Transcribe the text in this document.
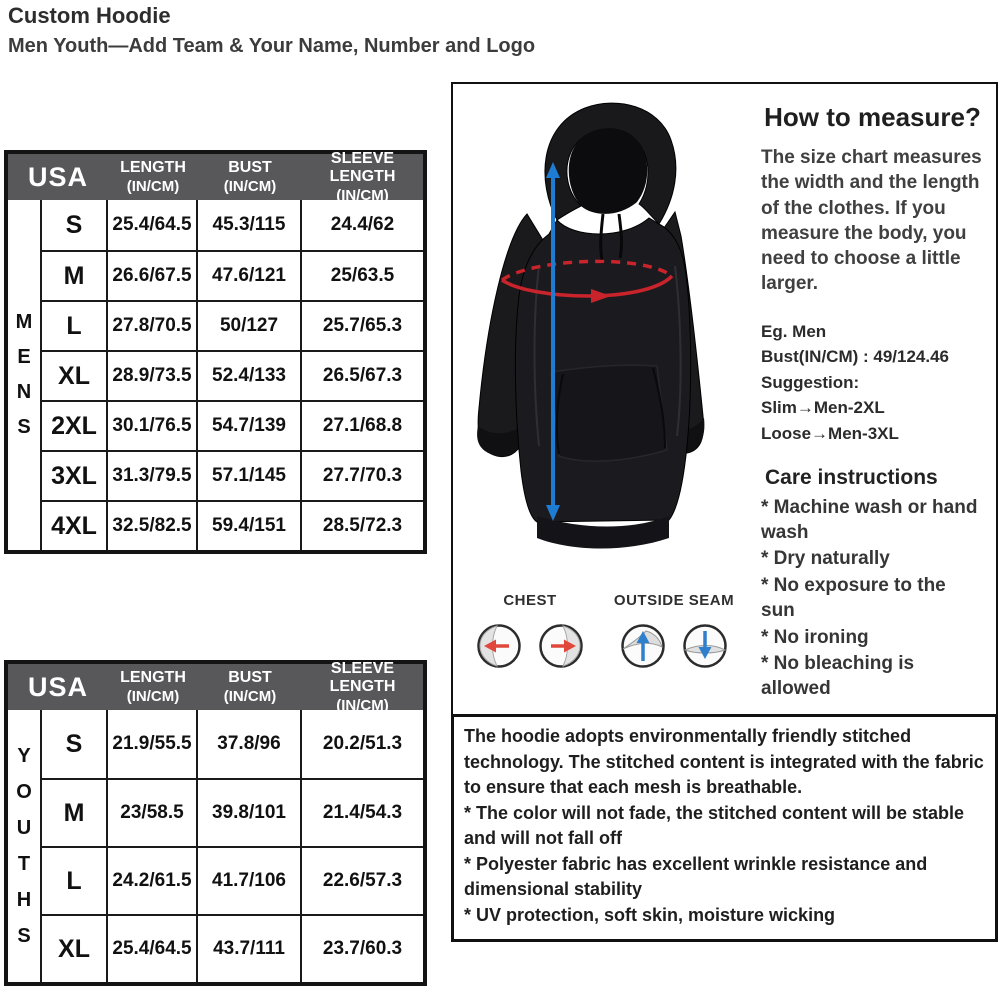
Custom Hoodie
Men Youth—Add Team & Your Name, Number and Logo
USA	LENGTH
(IN/CM)
BUST
(IN/CM)
SLEEVE LENGTH
(IN/CM)
M
E
N
S
S	25.4/64.5	45.3/115	24.4/62
M	26.6/67.5	47.6/121	25/63.5
L	27.8/70.5	50/127	25.7/65.3
XL	28.9/73.5	52.4/133	26.5/67.3
2XL 30.1/76.5	54.7/139	27.1/68.8
3XL 31.3/79.5	57.1/145	27.7/70.3
4XL 32.5/82.5	59.4/151	28.5/72.3
USA	LENGTH
(IN/CM)
BUST
(IN/CM)
SLEEVE LENGTH
(IN/CM)
Y
O
U
T
H
S
S	21.9/55.5	37.8/96	20.2/51.3
M	23/58.5	39.8/101	21.4/54.3
L	24.2/61.5	41.7/106	22.6/57.3
XL	25.4/64.5	43.7/111	23.7/60.3
CHEST	OUTSIDE SEAM
How to measure?
The size chart measures the width and the length of the clothes. If you measure the body, you need to choose a little larger.
Eg. Men
Bust(IN/CM) : 49/124.46
Suggestion:
Slim→Men-2XL
Loose→Men-3XL
Care instructions

* Machine wash or hand wash

* Dry naturally

* No exposure to the sun

* No ironing

* No bleaching is allowed

The hoodie adopts environmentally friendly stitched technology. The stitched content is integrated with the fabric to ensure that each mesh is breathable.

* The color will not fade, the stitched content will be stable and will not fall off

* Polyester fabric has excellent wrinkle resistance and dimensional stability

* UV protection, soft skin, moisture wicking
